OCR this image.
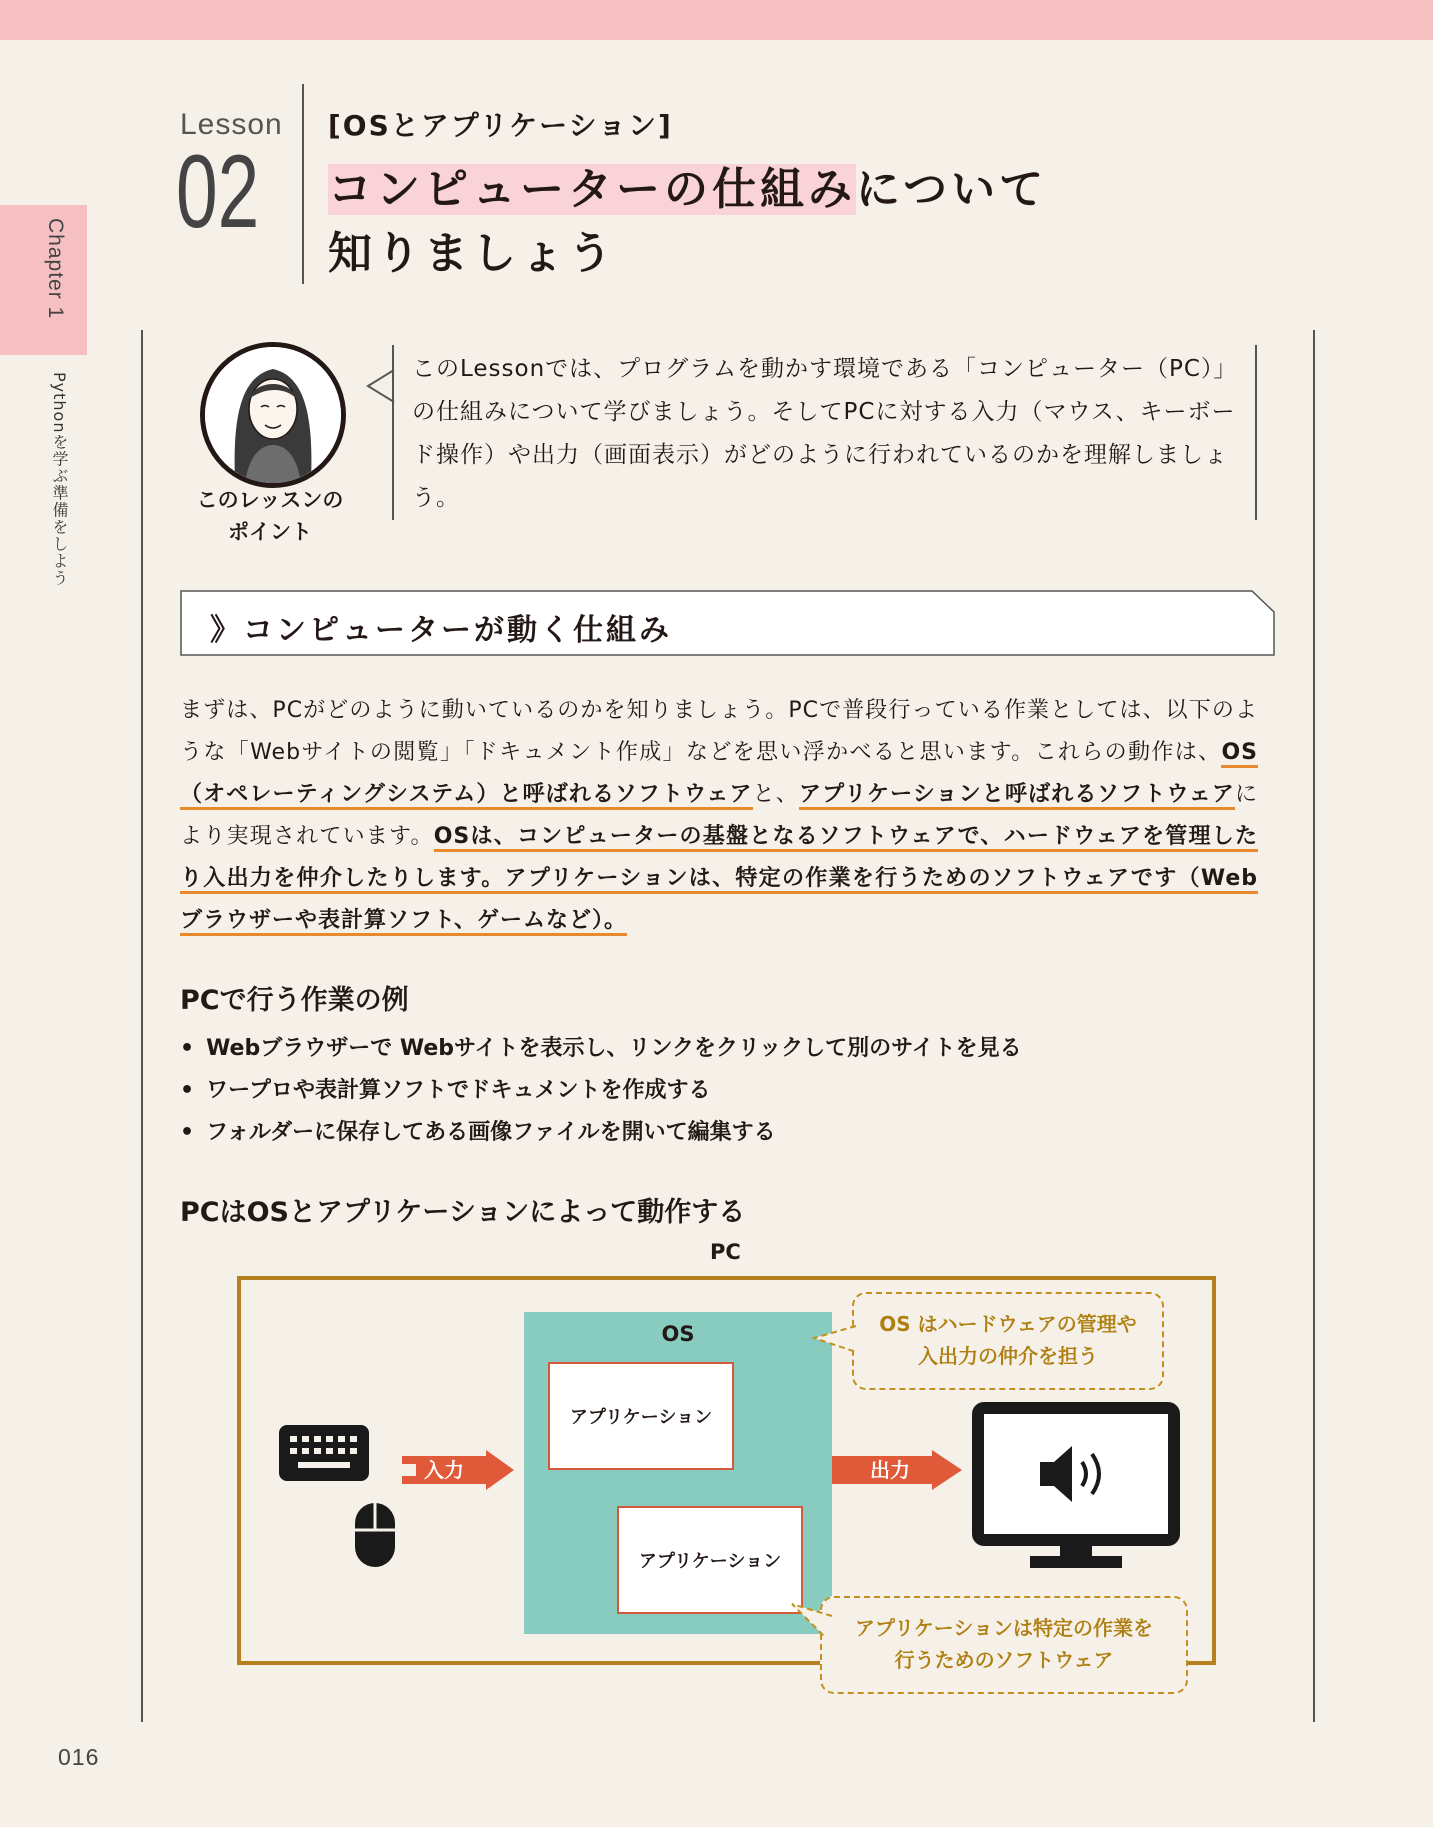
Chapter 1
Pythonを学ぶ準備をしよう
Lesson
02
[OSとアプリケーション]
コンピューターの仕組みについて
知りましょう
このレッスンの
ポイント
このLessonでは、プログラムを動かす環境である「コンピューター（PC）」の仕組みについて学びましょう。そしてPCに対する入力（マウス、キーボード操作）や出力（画面表示）がどのように行われているのかを理解しましょう。
》コンピューターが動く仕組み
まずは、PCがどのように動いているのかを知りましょう。PCで普段行っている作業としては、以下のような「Webサイトの閲覧」「ドキュメント作成」などを思い浮かべると思います。これらの動作は、OS（オペレーティングシステム）と呼ばれるソフトウェアと、アプリケーションと呼ばれるソフトウェアにより実現されています。OSは、コンピューターの基盤となるソフトウェアで、ハードウェアを管理したり入出力を仲介したりします。アプリケーションは、特定の作業を行うためのソフトウェアです（Webブラウザーや表計算ソフト、ゲームなど）。
PCで行う作業の例
• Webブラウザーで Webサイトを表示し、リンクをクリックして別のサイトを見る
• ワープロや表計算ソフトでドキュメントを作成する
• フォルダーに保存してある画像ファイルを開いて編集する
PCはOSとアプリケーションによって動作する
PC
OS
アプリケーション
アプリケーション
入力	出力
OS はハードウェアの管理や
入出力の仲介を担う
アプリケーションは特定の作業を
行うためのソフトウェア
016
